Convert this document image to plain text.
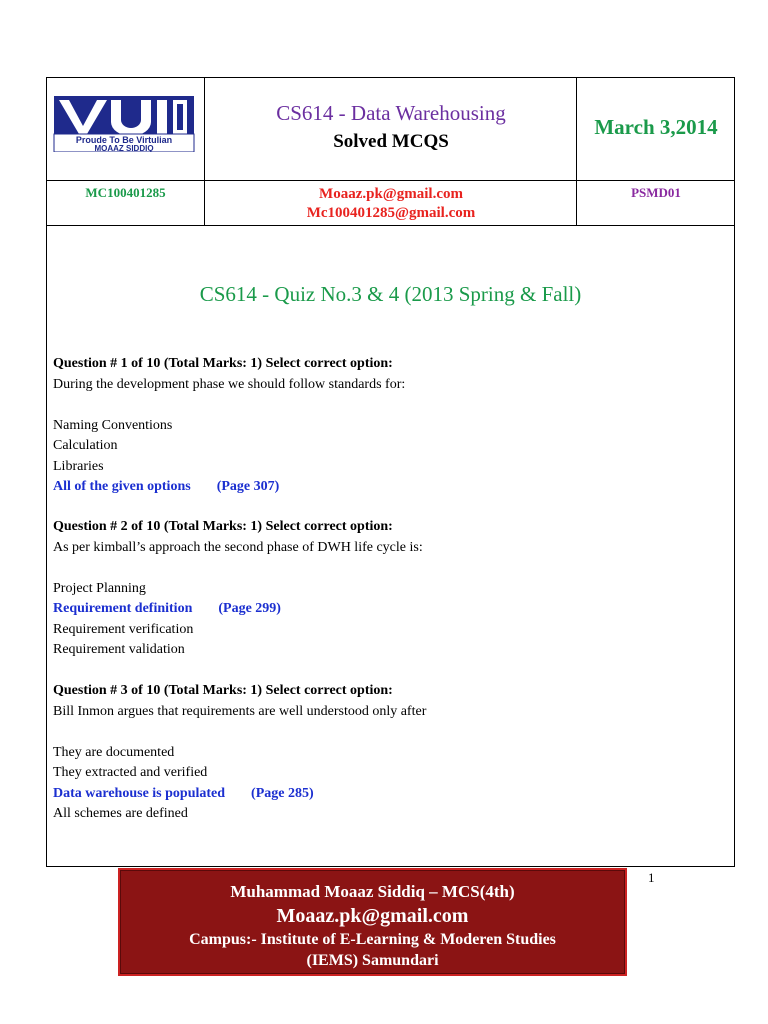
Proude To Be Virtulian
MOAAZ SIDDIQ
CS614 - Data Warehousing
Solved MCQS
March 3,2014
MC100401285	Moaaz.pk@gmail.com
Mc100401285@gmail.com
PSMD01
CS614 - Quiz No.3 & 4 (2013 Spring & Fall)
Question # 1 of 10 (Total Marks: 1) Select correct option:
During the development phase we should follow standards for:
Naming Conventions
Calculation
Libraries
All of the given options (Page 307)
Question # 2 of 10 (Total Marks: 1) Select correct option:
As per kimball’s approach the second phase of DWH life cycle is:
Project Planning
Requirement definition (Page 299)
Requirement verification
Requirement validation
Question # 3 of 10 (Total Marks: 1) Select correct option:
Bill Inmon argues that requirements are well understood only after
They are documented
They extracted and verified
Data warehouse is populated (Page 285)
All schemes are defined
1
Muhammad Moaaz Siddiq – MCS(4th)
Moaaz.pk@gmail.com
Campus:- Institute of E-Learning & Moderen Studies
(IEMS) Samundari
